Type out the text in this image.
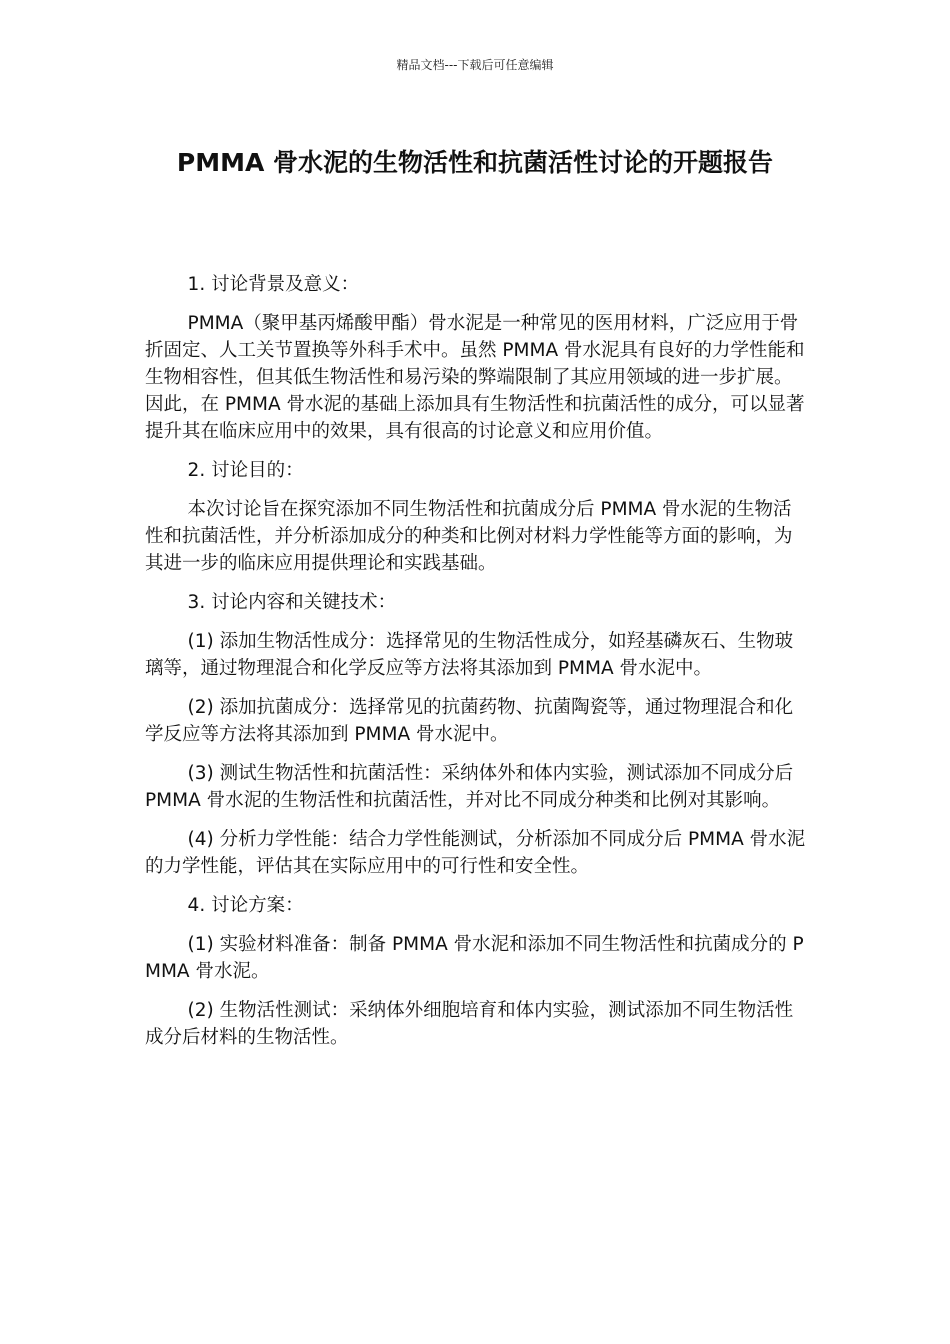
精品文档---下载后可任意编辑
PMMA 骨水泥的生物活性和抗菌活性讨论的开题报告

1. 讨论背景及意义：

PMMA（聚甲基丙烯酸甲酯）骨水泥是一种常见的医用材料，广泛应用于骨折固定、人工关节置换等外科手术中。虽然 PMMA 骨水泥具有良好的力学性能和生物相容性，但其低生物活性和易污染的弊端限制了其应用领域的进一步扩展。因此，在 PMMA 骨水泥的基础上添加具有生物活性和抗菌活性的成分，可以显著提升其在临床应用中的效果，具有很高的讨论意义和应用价值。

2. 讨论目的：

本次讨论旨在探究添加不同生物活性和抗菌成分后 PMMA 骨水泥的生物活性和抗菌活性，并分析添加成分的种类和比例对材料力学性能等方面的影响，为其进一步的临床应用提供理论和实践基础。

3. 讨论内容和关键技术：

(1) 添加生物活性成分：选择常见的生物活性成分，如羟基磷灰石、生物玻璃等，通过物理混合和化学反应等方法将其添加到 PMMA 骨水泥中。

(2) 添加抗菌成分：选择常见的抗菌药物、抗菌陶瓷等，通过物理混合和化学反应等方法将其添加到 PMMA 骨水泥中。

(3) 测试生物活性和抗菌活性：采纳体外和体内实验，测试添加不同成分后 PMMA 骨水泥的生物活性和抗菌活性，并对比不同成分种类和比例对其影响。

(4) 分析力学性能：结合力学性能测试，分析添加不同成分后 PMMA 骨水泥的力学性能，评估其在实际应用中的可行性和安全性。

4. 讨论方案：

(1) 实验材料准备：制备 PMMA 骨水泥和添加不同生物活性和抗菌成分的 PMMA 骨水泥。

(2) 生物活性测试：采纳体外细胞培育和体内实验，测试添加不同生物活性成分后材料的生物活性。
